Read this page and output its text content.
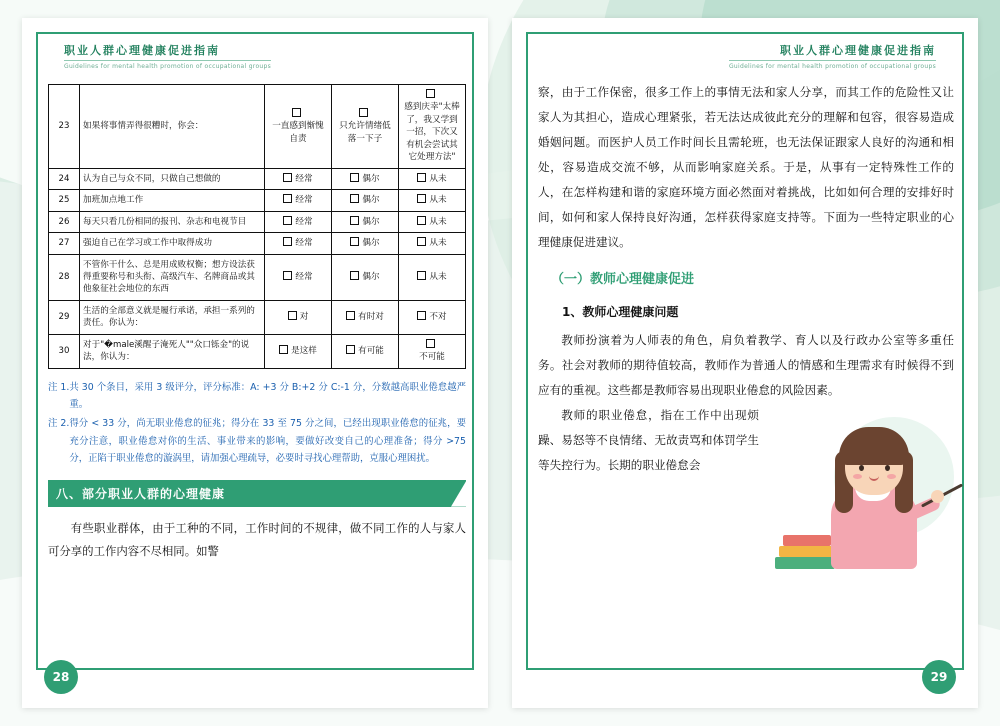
职业人群心理健康促进指南
Guidelines for mental health promotion of occupational groups
23	如果将事情弄得很糟时，你会：	一直感到惭愧自责	只允许情绪低落一下子	感到庆幸"太棒了，我又学到一招，下次又有机会尝试其它处理方法"
24	认为自己与众不同，只做自己想做的	经常	偶尔	从未
25	加班加点地工作	经常	偶尔	从未
26	每天只看几份相同的报刊、杂志和电视节目	经常	偶尔	从未
27	强迫自己在学习或工作中取得成功	经常	偶尔	从未
28	不管你干什么、总是用成败权衡；想方设法获得重要称号和头衔、高级汽车、名牌商品或其他象征社会地位的东西	经常	偶尔	从未
29	生活的全部意义就是履行承诺，承担一系列的责任。你认为：	对	有时对	不对
30	对于"�male溪醒子淹死人""众口铄金"的说法，你认为：	是这样	有可能	不可能
注 1. 共 30 个条目，采用 3 级评分，评分标准：A: +3 分 B:+2 分 C:-1 分，分数越高职业倦怠越严重。
注 2. 得分 < 33 分，尚无职业倦怠的征兆；得分在 33 至 75 分之间，已经出现职业倦怠的征兆，要充分注意，职业倦怠对你的生活、事业带来的影响，要做好改变自己的心理准备；得分 >75 分，正陷于职业倦怠的漩涡里，请加强心理疏导，必要时寻找心理帮助，克服心理困扰。
八、部分职业人群的心理健康

有些职业群体，由于工种的不同，工作时间的不规律，做不同工作的人与家人可分享的工作内容不尽相同。如警

28
职业人群心理健康促进指南
Guidelines for mental health promotion of occupational groups

察，由于工作保密，很多工作上的事情无法和家人分享，而其工作的危险性又让家人为其担心，造成心理紧张，若无法达成彼此充分的理解和包容，很容易造成婚姻问题。而医护人员工作时间长且需轮班，也无法保证跟家人良好的沟通和相处，容易造成交流不够，从而影响家庭关系。于是，从事有一定特殊性工作的人，在怎样构建和谐的家庭环境方面必然面对着挑战，比如如何合理的安排好时间，如何和家人保持良好沟通，怎样获得家庭支持等。下面为一些特定职业的心理健康促进建议。

（一）教师心理健康促进
1、教师心理健康问题

教师扮演着为人师表的角色，肩负着教学、育人以及行政办公室等多重任务。社会对教师的期待值较高，教师作为普通人的情感和生理需求有时候得不到应有的重视。这些都是教师容易出现职业倦怠的风险因素。

教师的职业倦怠，指在工作中出现烦躁、易怒等不良情绪、无故责骂和体罚学生等失控行为。长期的职业倦怠会

29
